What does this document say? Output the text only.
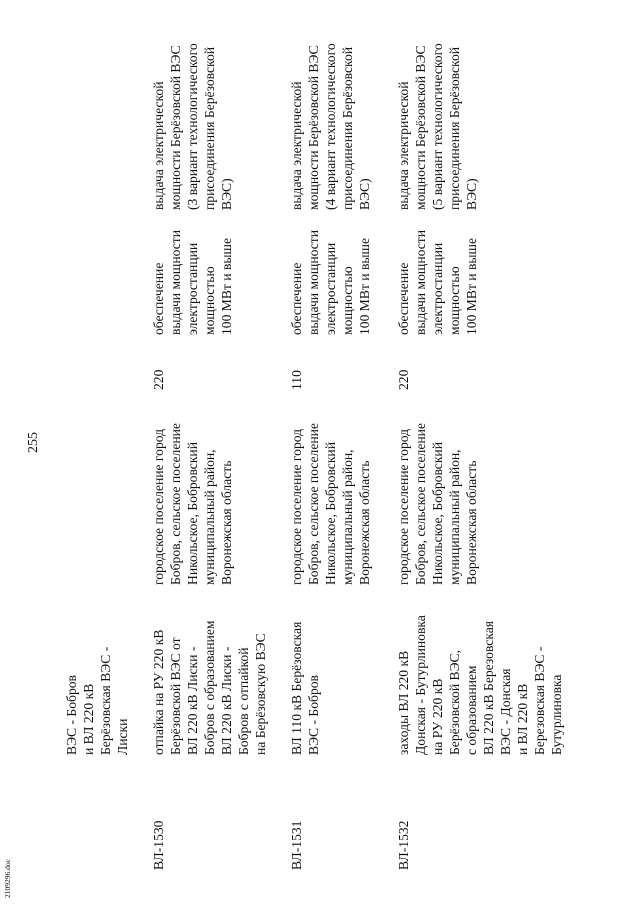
255
ВЭС - Бобров и ВЛ 220 кВ Берёзовская ВЭС - Лиски
ВЛ-1530
отпайка на РУ 220 кВ Берёзовской ВЭС от ВЛ 220 кВ Лиски - Бобров с образованием ВЛ 220 кВ Лиски - Бобров с отпайкой на Берёзовскую ВЭС
городское поселение город Бобров, сельское поселение Никольское, Бобровский муниципальный район, Воронежская область
220
обеспечение выдачи мощности электростанции мощностью 100 МВт и выше
выдача электрической мощности Берёзовской ВЭС (3 вариант технологического присоединения Берёзовской ВЭС)
ВЛ-1531
ВЛ 110 кВ Берёзовская ВЭС - Бобров
городское поселение город Бобров, сельское поселение Никольское, Бобровский муниципальный район, Воронежская область
110
обеспечение выдачи мощности электростанции мощностью 100 МВт и выше
выдача электрической мощности Берёзовской ВЭС (4 вариант технологического присоединения Берёзовской ВЭС)
ВЛ-1532
заходы ВЛ 220 кВ Донская - Бутурлиновка на РУ 220 кВ Берёзовской ВЭС, с образованием ВЛ 220 кВ Березовская ВЭС - Донская и ВЛ 220 кВ Березовская ВЭС - Бутурлиновка
городское поселение город Бобров, сельское поселение Никольское, Бобровский муниципальный район, Воронежская область
220
обеспечение выдачи мощности электростанции мощностью 100 МВт и выше
выдача электрической мощности Берёзовской ВЭС (5 вариант технологического присоединения Берёзовской ВЭС)
2109296.doc
